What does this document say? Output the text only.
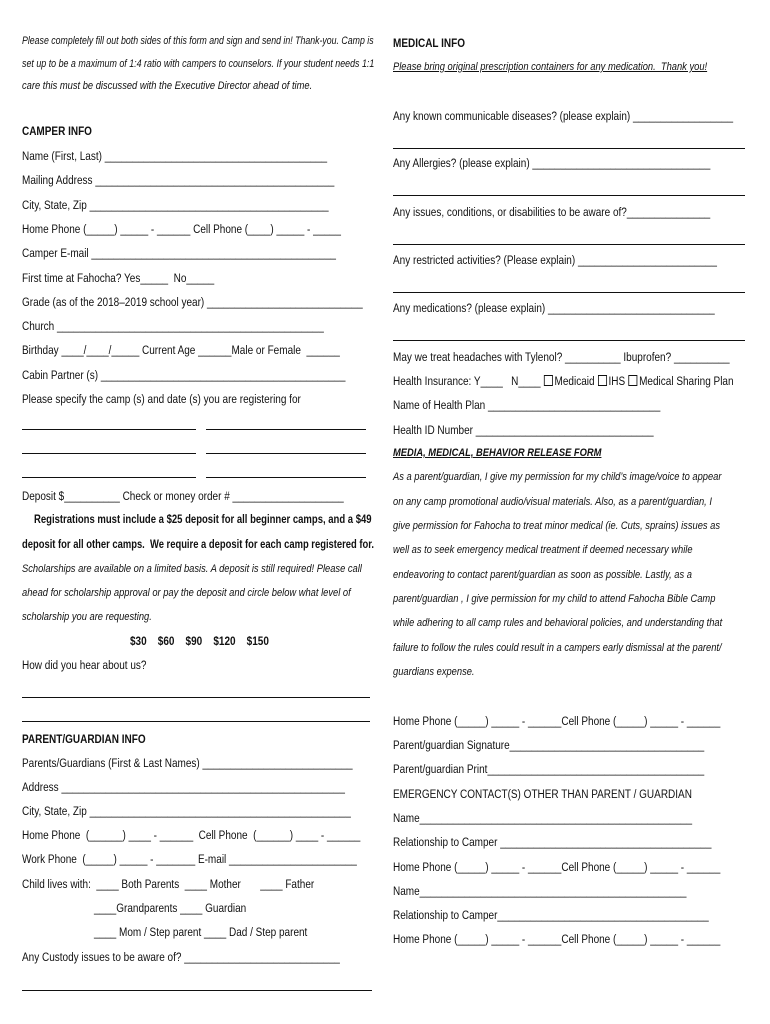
Please completely fill out both sides of this form and sign and send in! Thank-you. Camp is
set up to be a maximum of 1:4 ratio with campers to counselors. If your student needs 1:1
care this must be discussed with the Executive Director ahead of time.
CAMPER INFO
Name (First, Last) ________________________________________
Mailing Address ___________________________________________
City, State, Zip ___________________________________________
Home Phone (_____) _____ - ______ Cell Phone (____) _____ - _____
Camper E-mail ____________________________________________
First time at Fahocha? Yes_____  No_____
Grade (as of the 2018–2019 school year) ____________________________
Church ________________________________________________
Birthday ____/____/_____ Current Age ______Male or Female  ______
Cabin Partner (s) ____________________________________________
Please specify the camp (s) and date (s) you are registering for
Deposit $__________ Check or money order # ____________________
Registrations must include a $25 deposit for all beginner camps, and a $49
deposit for all other camps.  We require a deposit for each camp registered for.
Scholarships are available on a limited basis. A deposit is still required! Please call
ahead for scholarship approval or pay the deposit and circle below what level of
scholarship you are requesting.
$30    $60    $90    $120    $150
How did you hear about us?
PARENT/GUARDIAN INFO
Parents/Guardians (First & Last Names) ___________________________
Address ___________________________________________________
City, State, Zip _______________________________________________
Home Phone  (______) ____ - ______  Cell Phone  (______) ____ - ______
Work Phone  (_____) _____ - _______ E-mail _______________________
Child lives with:  ____ Both Parents  ____ Mother       ____ Father
____Grandparents ____ Guardian
____ Mom / Step parent ____ Dad / Step parent
Any Custody issues to be aware of? ____________________________
MEDICAL INFO
Please bring original prescription containers for any medication.  Thank you!
Any known communicable diseases? (please explain) __________________
Any Allergies? (please explain) ________________________________
Any issues, conditions, or disabilities to be aware of?_______________
Any restricted activities? (Please explain) _________________________
Any medications? (please explain) ______________________________
May we treat headaches with Tylenol? __________ Ibuprofen? __________
Health Insurance: Y____   N____ Medicaid IHS Medical Sharing Plan
Name of Health Plan _______________________________
Health ID Number ________________________________
MEDIA, MEDICAL, BEHAVIOR RELEASE FORM
As a parent/guardian, I give my permission for my child’s image/voice to appear
on any camp promotional audio/visual materials. Also, as a parent/guardian, I
give permission for Fahocha to treat minor medical (ie. Cuts, sprains) issues as
well as to seek emergency medical treatment if deemed necessary while
endeavoring to contact parent/guardian as soon as possible. Lastly, as a
parent/guardian , I give permission for my child to attend Fahocha Bible Camp
while adhering to all camp rules and behavioral policies, and understanding that
failure to follow the rules could result in a campers early dismissal at the parent/
guardians expense.
Home Phone (_____) _____ - ______Cell Phone (_____) _____ - ______
Parent/guardian Signature___________________________________
Parent/guardian Print_______________________________________
EMERGENCY CONTACT(S) OTHER THAN PARENT / GUARDIAN
Name_________________________________________________
Relationship to Camper ______________________________________
Home Phone (_____) _____ - ______Cell Phone (_____) _____ - ______
Name________________________________________________
Relationship to Camper______________________________________
Home Phone (_____) _____ - ______Cell Phone (_____) _____ - ______
